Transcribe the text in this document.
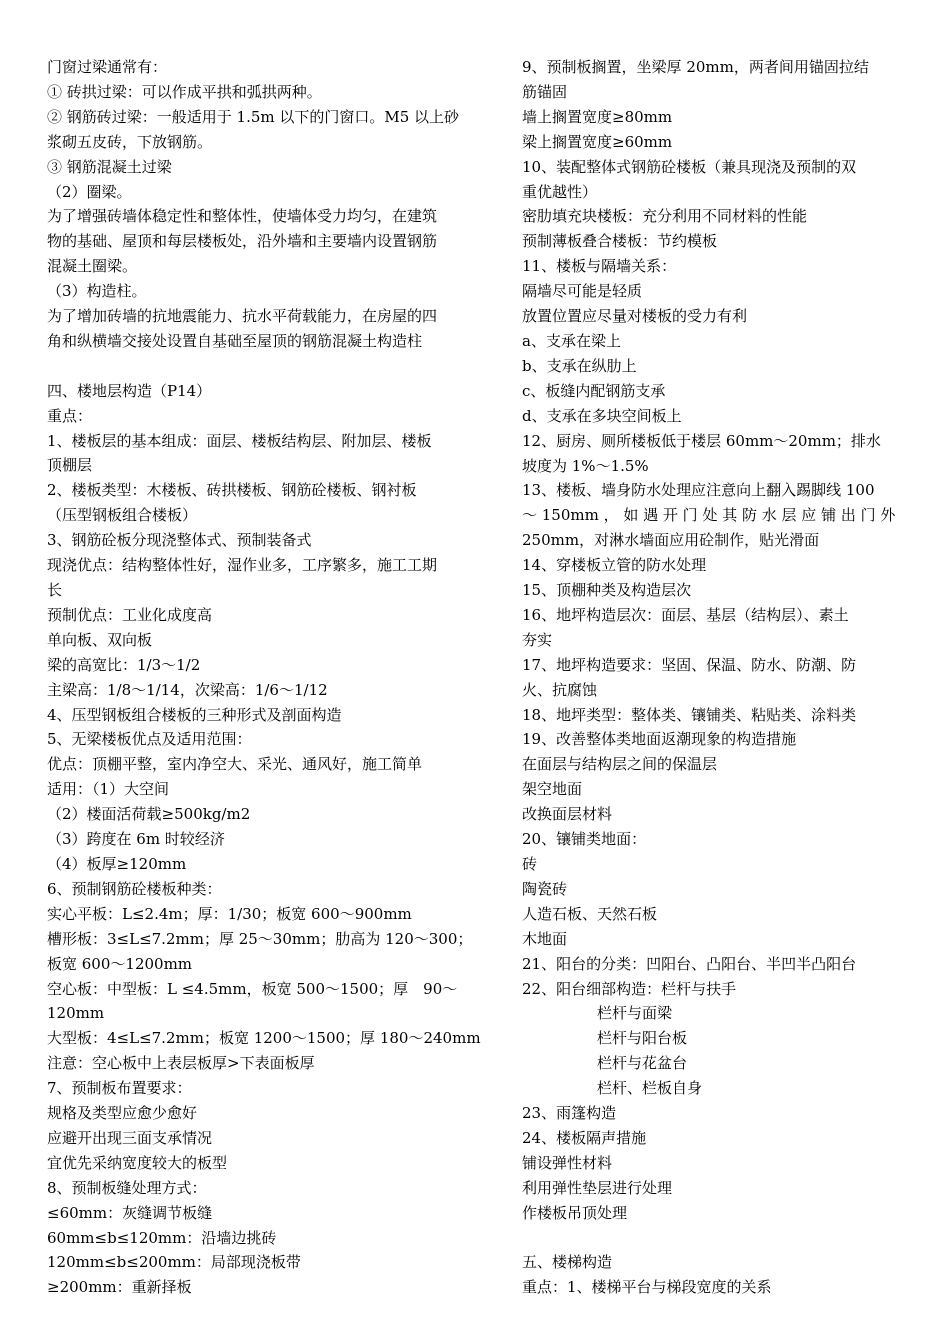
门窗过梁通常有：
① 砖拱过梁：可以作成平拱和弧拱两种。
② 钢筋砖过梁：一般适用于 1.5m 以下的门窗口。M5 以上砂
浆砌五皮砖，下放钢筋。
③ 钢筋混凝土过梁
（2）圈梁。
为了增强砖墙体稳定性和整体性，使墙体受力均匀，在建筑
物的基础、屋顶和每层楼板处，沿外墙和主要墙内设置钢筋
混凝土圈梁。
（3）构造柱。
为了增加砖墙的抗地震能力、抗水平荷载能力，在房屋的四
角和纵横墙交接处设置自基础至屋顶的钢筋混凝土构造柱
四、楼地层构造（P14）
重点：
1、楼板层的基本组成：面层、楼板结构层、附加层、楼板
顶棚层
2、楼板类型：木楼板、砖拱楼板、钢筋砼楼板、钢衬板
（压型钢板组合楼板）
3、钢筋砼板分现浇整体式、预制装备式
现浇优点：结构整体性好，湿作业多，工序繁多，施工工期
长
预制优点：工业化成度高
单向板、双向板
梁的高宽比：1/3～1/2
主梁高：1/8～1/14，次梁高：1/6～1/12
4、压型钢板组合楼板的三种形式及剖面构造
5、无梁楼板优点及适用范围：
优点：顶棚平整，室内净空大、采光、通风好，施工简单
适用：（1）大空间
（2）楼面活荷载≥500kg/m2
（3）跨度在 6m 时较经济
（4）板厚≥120mm
6、预制钢筋砼楼板种类：
实心平板：L≤2.4m；厚：1/30；板宽 600～900mm
槽形板：3≤L≤7.2mm；厚 25～30mm；肋高为 120～300；
板宽 600～1200mm
空心板：中型板：L ≤4.5mm，板宽 500～1500；厚　90～
120mm
大型板：4≤L≤7.2mm；板宽 1200～1500；厚 180～240mm
注意：空心板中上表层板厚>下表面板厚
7、预制板布置要求：
规格及类型应愈少愈好
应避开出现三面支承情况
宜优先采纳宽度较大的板型
8、预制板缝处理方式：
≤60mm：灰缝调节板缝
60mm≤b≤120mm：沿墙边挑砖
120mm≤b≤200mm：局部现浇板带
≥200mm：重新择板
9、预制板搁置，坐梁厚 20mm，两者间用锚固拉结
筋锚固
墙上搁置宽度≥80mm
梁上搁置宽度≥60mm
10、装配整体式钢筋砼楼板（兼具现浇及预制的双
重优越性）
密肋填充块楼板：充分利用不同材料的性能
预制薄板叠合楼板：节约模板
11、楼板与隔墙关系：
隔墙尽可能是轻质
放置位置应尽量对楼板的受力有利
a、支承在梁上
b、支承在纵肋上
c、板缝内配钢筋支承
d、支承在多块空间板上
12、厨房、厕所楼板低于楼层 60mm～20mm；排水
坡度为 1%～1.5%
13、楼板、墙身防水处理应注意向上翻入踢脚线 100
～ 150mm ， 如 遇 开 门 处 其 防 水 层 应 铺 出 门 外
250mm，对淋水墙面应用砼制作，贴光滑面
14、穿楼板立管的防水处理
15、顶棚种类及构造层次
16、地坪构造层次：面层、基层（结构层）、素土
夯实
17、地坪构造要求：坚固、保温、防水、防潮、防
火、抗腐蚀
18、地坪类型：整体类、镶铺类、粘贴类、涂料类
19、改善整体类地面返潮现象的构造措施
在面层与结构层之间的保温层
架空地面
改换面层材料
20、镶铺类地面：
砖
陶瓷砖
人造石板、天然石板
木地面
21、阳台的分类：凹阳台、凸阳台、半凹半凸阳台
22、阳台细部构造：栏杆与扶手
栏杆与面梁
栏杆与阳台板
栏杆与花盆台
栏杆、栏板自身
23、雨篷构造
24、楼板隔声措施
铺设弹性材料
利用弹性垫层进行处理
作楼板吊顶处理
五、楼梯构造
重点：1、楼梯平台与梯段宽度的关系
